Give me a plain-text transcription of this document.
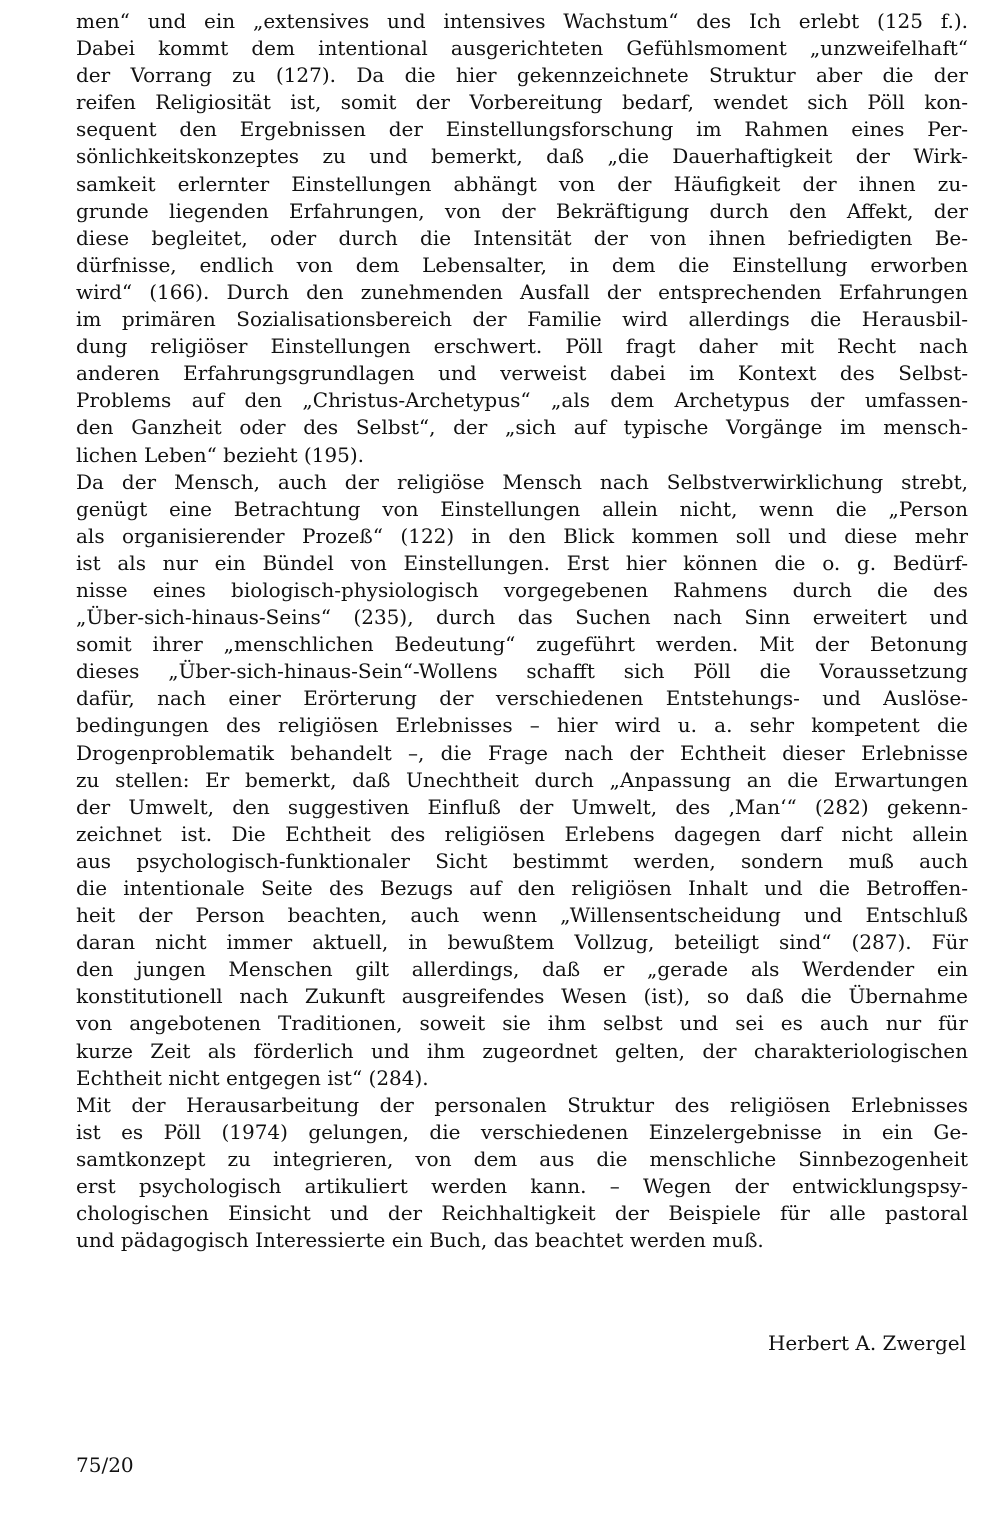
men“ und ein „extensives und intensives Wachstum“ des Ich erlebt (125 f.).
Dabei kommt dem intentional ausgerichteten Gefühlsmoment „unzweifelhaft“
der Vorrang zu (127). Da die hier gekennzeichnete Struktur aber die der
reifen Religiosität ist, somit der Vorbereitung bedarf, wendet sich Pöll kon-
sequent den Ergebnissen der Einstellungsforschung im Rahmen eines Per-
sönlichkeitskonzeptes zu und bemerkt, daß „die Dauerhaftigkeit der Wirk-
samkeit erlernter Einstellungen abhängt von der Häufigkeit der ihnen zu-
grunde liegenden Erfahrungen, von der Bekräftigung durch den Affekt, der
diese begleitet, oder durch die Intensität der von ihnen befriedigten Be-
dürfnisse, endlich von dem Lebensalter, in dem die Einstellung erworben
wird“ (166). Durch den zunehmenden Ausfall der entsprechenden Erfahrungen
im primären Sozialisationsbereich der Familie wird allerdings die Herausbil-
dung religiöser Einstellungen erschwert. Pöll fragt daher mit Recht nach
anderen Erfahrungsgrundlagen und verweist dabei im Kontext des Selbst-
Problems auf den „Christus-Archetypus“ „als dem Archetypus der umfassen-
den Ganzheit oder des Selbst“, der „sich auf typische Vorgänge im mensch-
lichen Leben“ bezieht (195).
Da der Mensch, auch der religiöse Mensch nach Selbstverwirklichung strebt,
genügt eine Betrachtung von Einstellungen allein nicht, wenn die „Person
als organisierender Prozeß“ (122) in den Blick kommen soll und diese mehr
ist als nur ein Bündel von Einstellungen. Erst hier können die o. g. Bedürf-
nisse eines biologisch-physiologisch vorgegebenen Rahmens durch die des
„Über-sich-hinaus-Seins“ (235), durch das Suchen nach Sinn erweitert und
somit ihrer „menschlichen Bedeutung“ zugeführt werden. Mit der Betonung
dieses „Über-sich-hinaus-Sein“-Wollens schafft sich Pöll die Voraussetzung
dafür, nach einer Erörterung der verschiedenen Entstehungs- und Auslöse-
bedingungen des religiösen Erlebnisses – hier wird u. a. sehr kompetent die
Drogenproblematik behandelt –, die Frage nach der Echtheit dieser Erlebnisse
zu stellen: Er bemerkt, daß Unechtheit durch „Anpassung an die Erwartungen
der Umwelt, den suggestiven Einfluß der Umwelt, des ‚Man‘“ (282) gekenn-
zeichnet ist. Die Echtheit des religiösen Erlebens dagegen darf nicht allein
aus psychologisch-funktionaler Sicht bestimmt werden, sondern muß auch
die intentionale Seite des Bezugs auf den religiösen Inhalt und die Betroffen-
heit der Person beachten, auch wenn „Willensentscheidung und Entschluß
daran nicht immer aktuell, in bewußtem Vollzug, beteiligt sind“ (287). Für
den jungen Menschen gilt allerdings, daß er „gerade als Werdender ein
konstitutionell nach Zukunft ausgreifendes Wesen (ist), so daß die Übernahme
von angebotenen Traditionen, soweit sie ihm selbst und sei es auch nur für
kurze Zeit als förderlich und ihm zugeordnet gelten, der charakteriologischen
Echtheit nicht entgegen ist“ (284).
Mit der Herausarbeitung der personalen Struktur des religiösen Erlebnisses
ist es Pöll (1974) gelungen, die verschiedenen Einzelergebnisse in ein Ge-
samtkonzept zu integrieren, von dem aus die menschliche Sinnbezogenheit
erst psychologisch artikuliert werden kann. – Wegen der entwicklungspsy-
chologischen Einsicht und der Reichhaltigkeit der Beispiele für alle pastoral
und pädagogisch Interessierte ein Buch, das beachtet werden muß.
Herbert A. Zwergel
75/20
